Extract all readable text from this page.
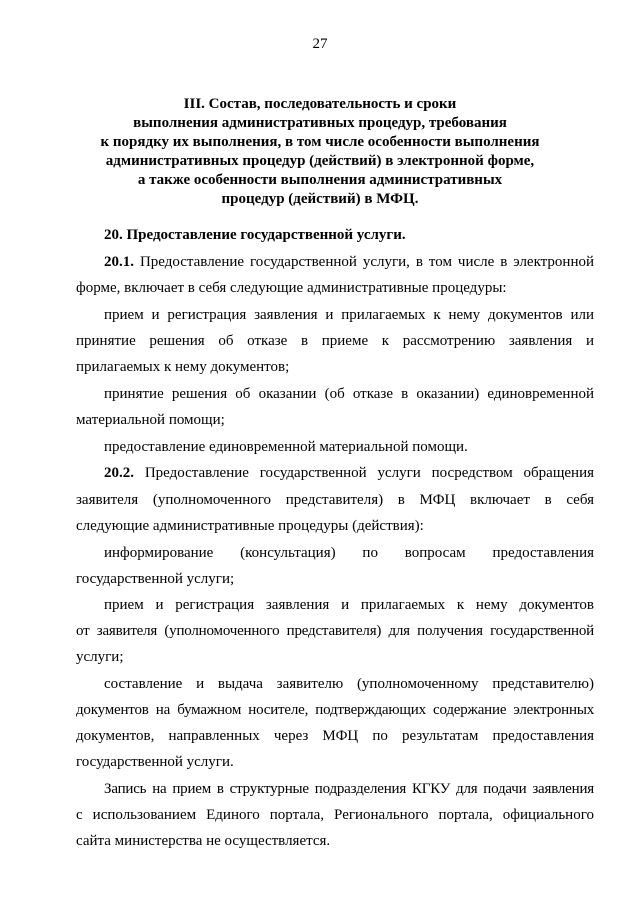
27
III. Состав, последовательность и сроки
выполнения административных процедур, требования
к порядку их выполнения, в том числе особенности выполнения
административных процедур (действий) в электронной форме,
а также особенности выполнения административных
процедур (действий) в МФЦ.
20. Предоставление государственной услуги.
20.1. Предоставление государственной услуги, в том числе в электронной
форме, включает в себя следующие административные процедуры:
прием и регистрация заявления и прилагаемых к нему документов или
принятие решения об отказе в приеме к рассмотрению заявления и
прилагаемых к нему документов;
принятие решения об оказании (об отказе в оказании) единовременной
материальной помощи;
предоставление единовременной материальной помощи.
20.2. Предоставление государственной услуги посредством обращения
заявителя (уполномоченного представителя) в МФЦ включает в себя
следующие административные процедуры (действия):
информирование (консультация) по вопросам предоставления
государственной услуги;
прием и регистрация заявления и прилагаемых к нему документов
от заявителя (уполномоченного представителя) для получения государственной
услуги;
составление и выдача заявителю (уполномоченному представителю)
документов на бумажном носителе, подтверждающих содержание электронных
документов, направленных через МФЦ по результатам предоставления
государственной услуги.
Запись на прием в структурные подразделения КГКУ для подачи заявления
с использованием Единого портала, Регионального портала, официального
сайта министерства не осуществляется.
